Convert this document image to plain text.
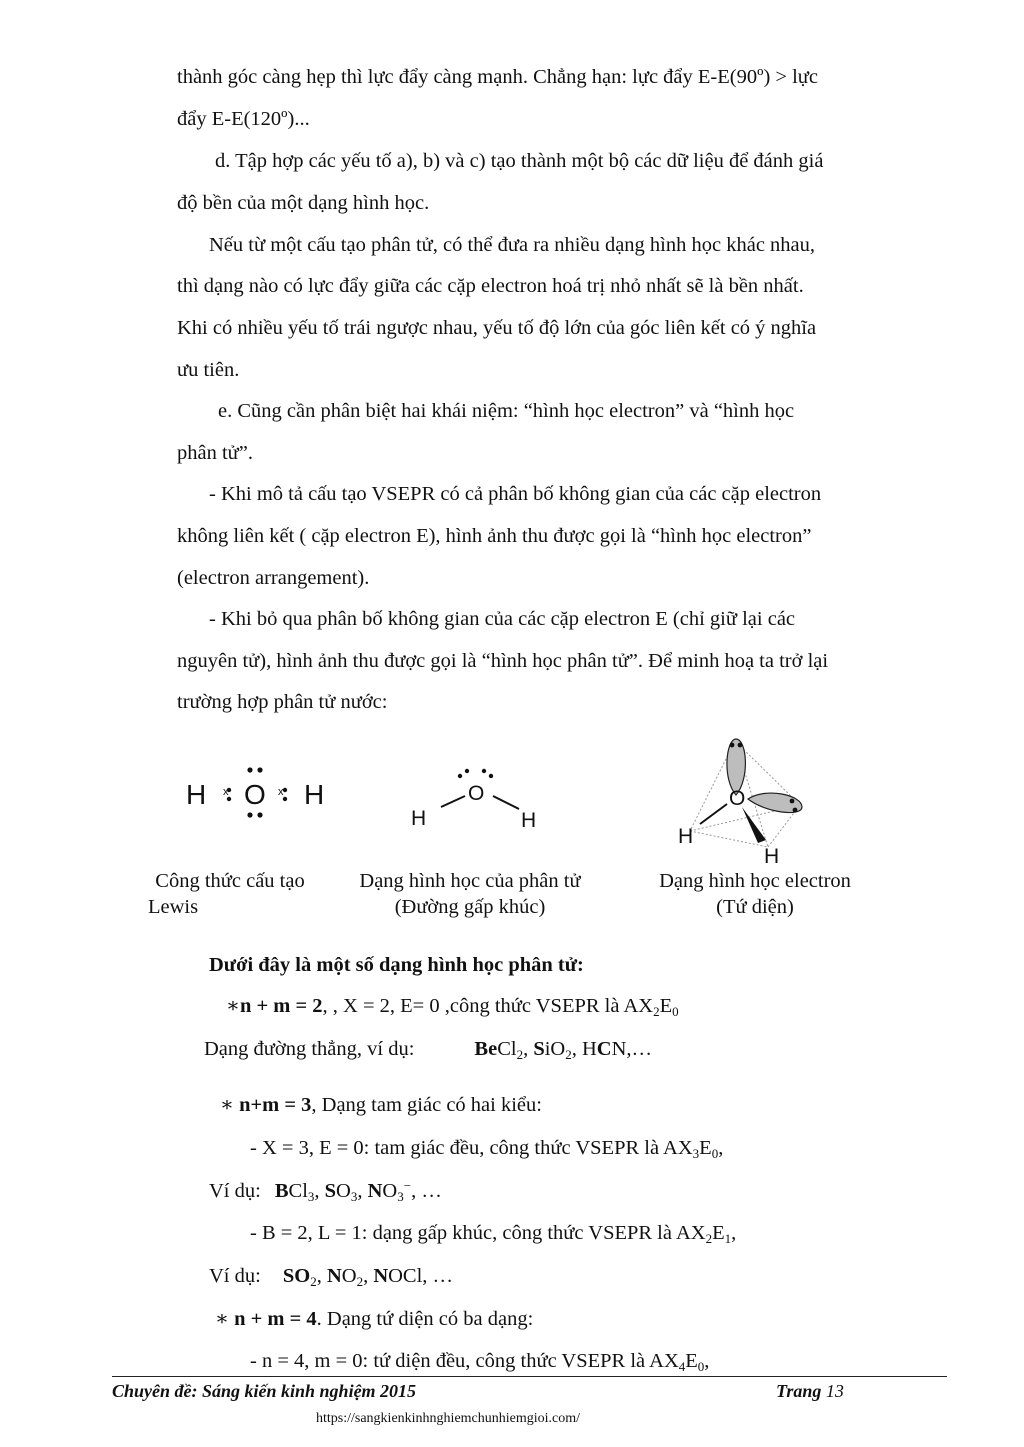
thành góc càng hẹp thì lực đẩy càng mạnh. Chẳng hạn: lực đẩy E-E(90º) > lực

đẩy E-E(120º)...

d. Tập hợp các yếu tố a), b) và c) tạo thành một bộ các dữ liệu để đánh giá

độ bền của một dạng hình học.

Nếu từ một cấu tạo phân tử, có thể đưa ra nhiều dạng hình học khác nhau,

thì dạng nào có lực đẩy giữa các cặp electron hoá trị nhỏ nhất sẽ là bền nhất.

Khi có nhiều yếu tố trái ngược nhau, yếu tố độ lớn của góc liên kết có ý nghĩa

ưu tiên.

e. Cũng cần phân biệt hai khái niệm: “hình học electron” và “hình học

phân tử”.

- Khi mô tả cấu tạo VSEPR có cả phân bố không gian của các cặp electron

không liên kết ( cặp electron E), hình ảnh thu được gọi là “hình học electron”

(electron arrangement).

- Khi bỏ qua phân bố không gian của các cặp electron E (chỉ giữ lại các

nguyên tử), hình ảnh thu được gọi là “hình học phân tử”. Để minh hoạ ta trở lại

trường hợp phân tử nước:

H O H
x	x	O
H	H
O
H
H
Công thức cấu tạo
Lewis
Dạng hình học của phân tử
(Đường gấp khúc)
Dạng hình học electron
(Tứ diện)

Dưới đây là một số dạng hình học phân tử:

∗n + m = 2, , X = 2, E= 0 ,công thức VSEPR là $AX_2E_0$

Dạng đường thẳng, ví dụ:	BeCl$_2$, SiO$_2$, HCN,…

∗ n+m = 3, Dạng tam giác có hai kiểu:

- X = 3, E = 0: tam giác đều, công thức VSEPR là $AX_3E_0$,

Ví dụ: BCl$_3$, $SO_3$, $NO_3^-$, …

- B = 2, L = 1: dạng gấp khúc, công thức VSEPR là $AX_2E_1$,

Ví dụ: $SO_2$, $NO_2$, NOCl, …

∗ n + m = 4. Dạng tứ diện có ba dạng:

- n = 4, m = 0: tứ diện đều, công thức VSEPR là $AX_4E_0$,

Chuyên đề: Sáng kiến kinh nghiệm 2015	Trang 13
https://sangkienkinhnghiemchunhiemgioi.com/
